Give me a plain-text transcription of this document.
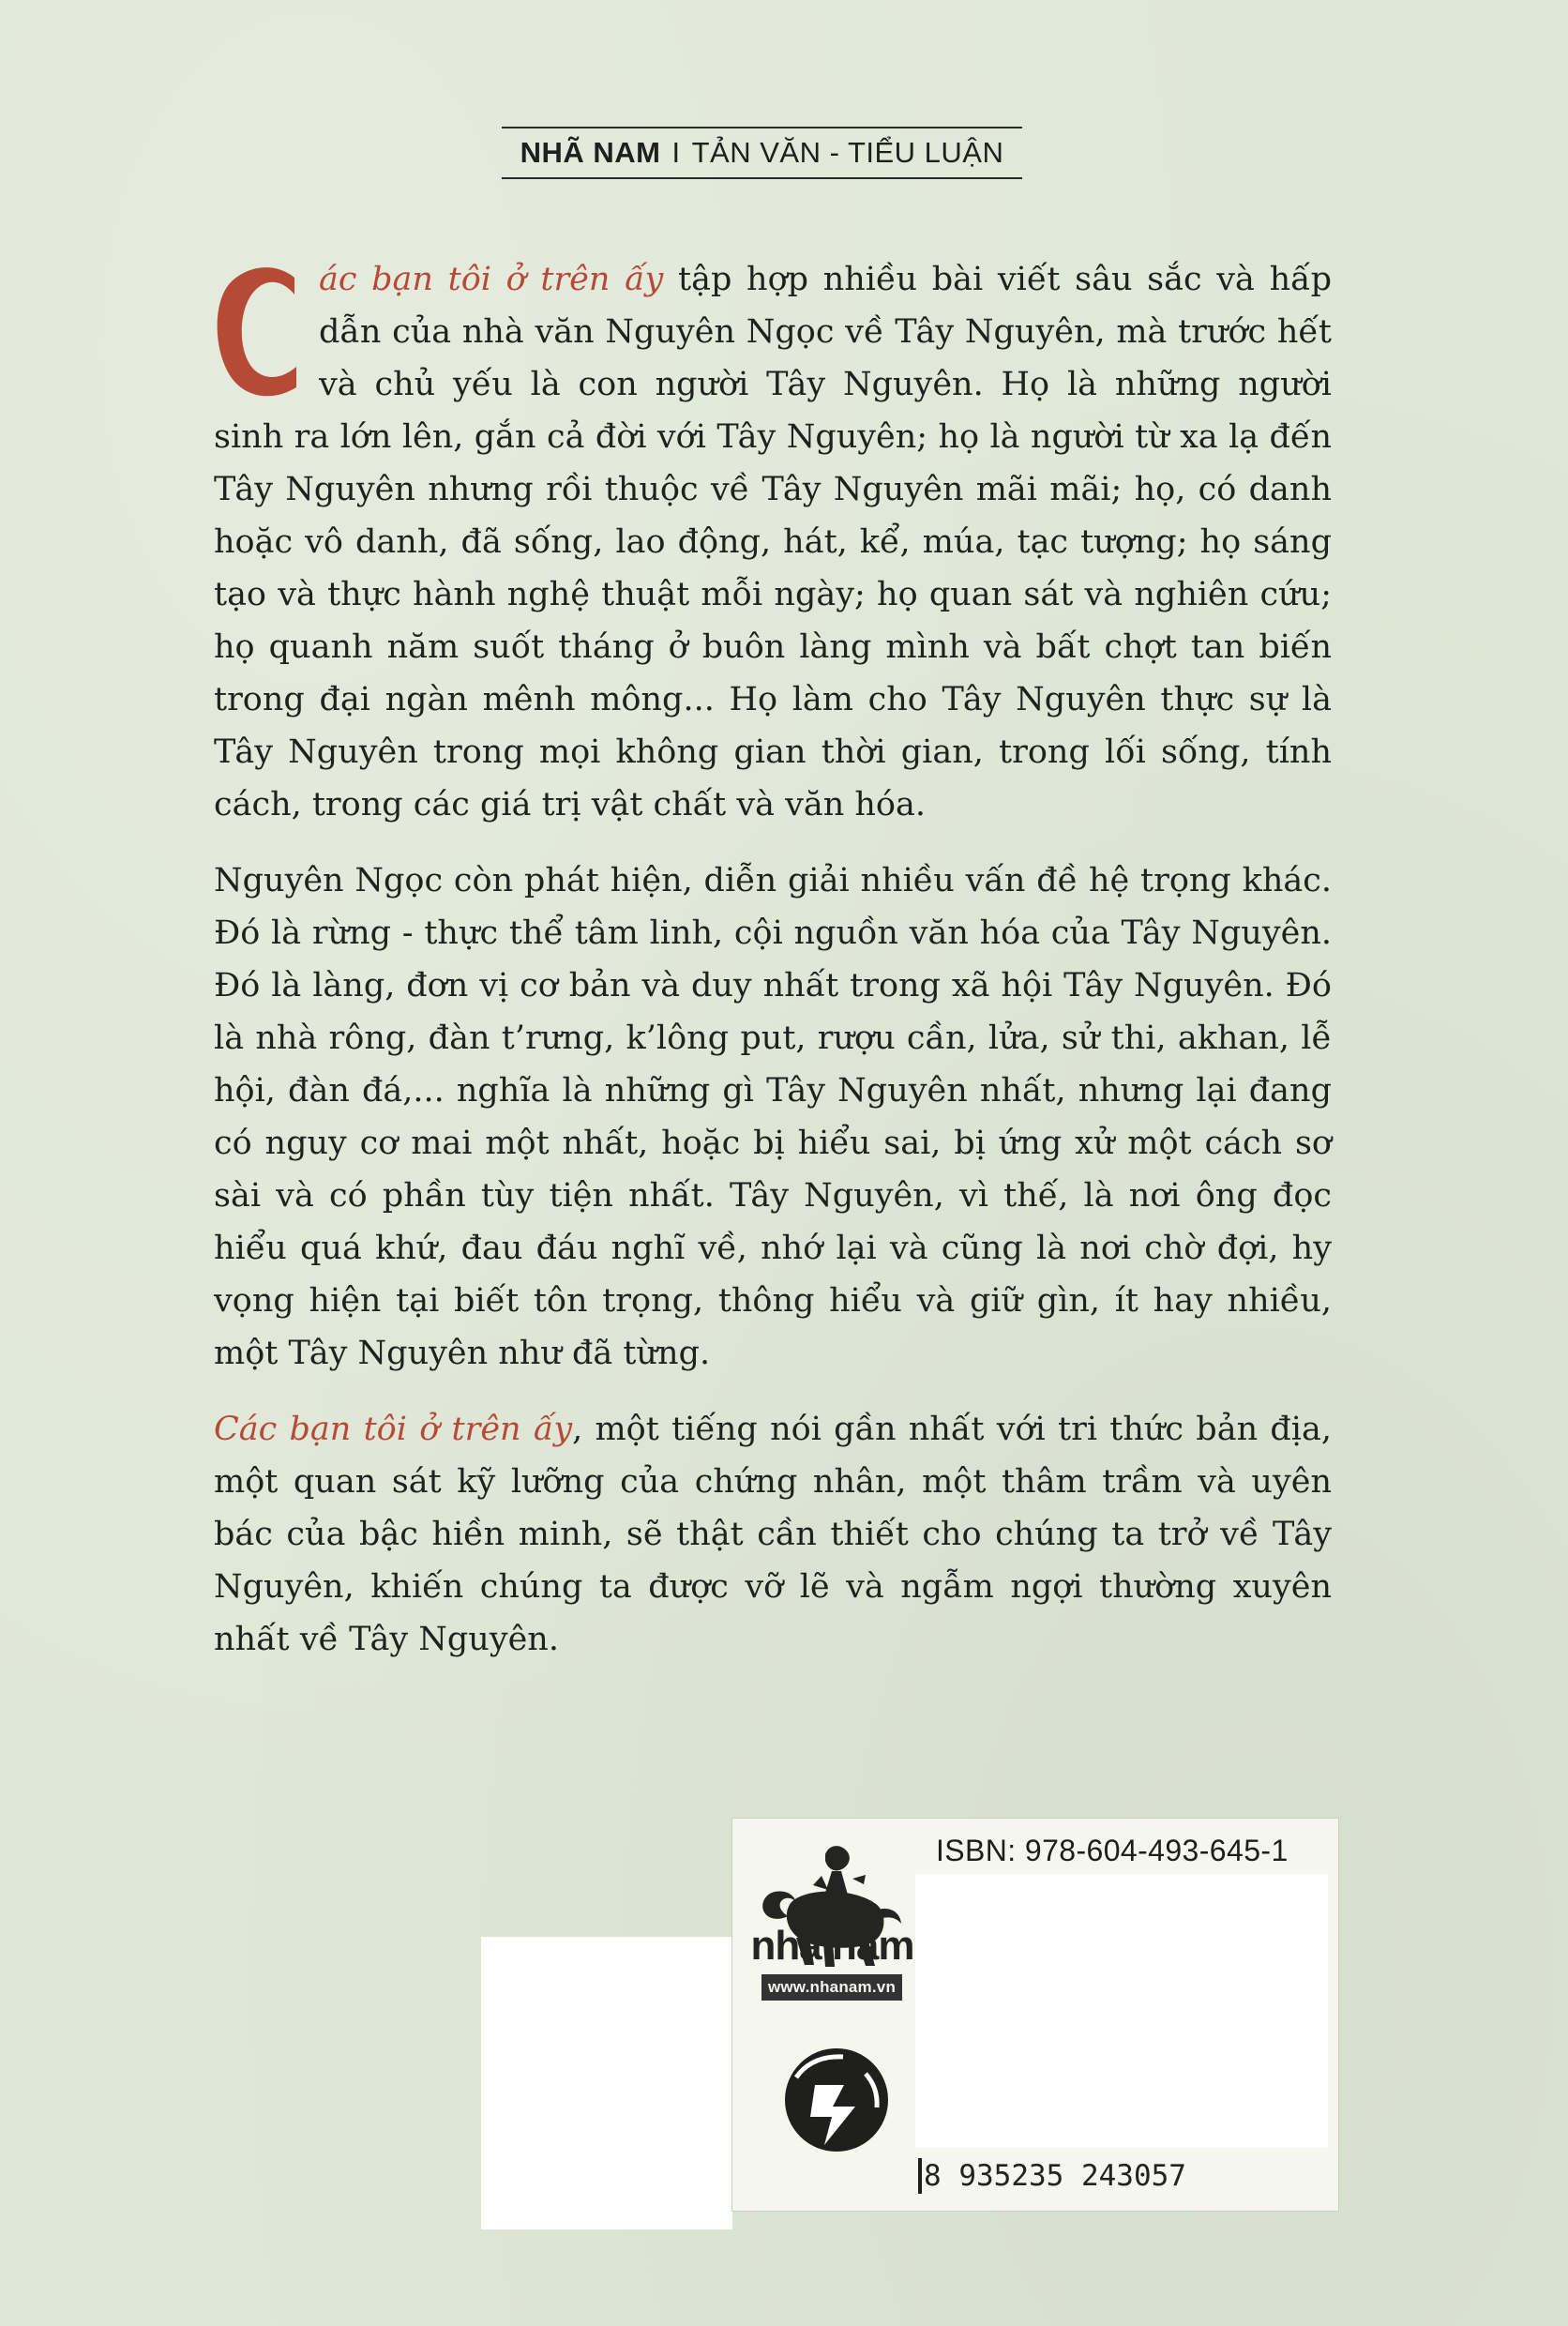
NHÃ NAM I TẢN VĂN - TIỂU LUẬN

ác bạn tôi ở trên ấy tập hợp nhiều bài viết sâu sắc và hấp dẫn của nhà văn Nguyên Ngọc về Tây Nguyên, mà trước hết và chủ yếu là con người Tây Nguyên. Họ là những người sinh ra lớn lên, gắn cả đời với Tây Nguyên; họ là người từ xa lạ đến Tây Nguyên nhưng rồi thuộc về Tây Nguyên mãi mãi; họ, có danh hoặc vô danh, đã sống, lao động, hát, kể, múa, tạc tượng; họ sáng tạo và thực hành nghệ thuật mỗi ngày; họ quan sát và nghiên cứu; họ quanh năm suốt tháng ở buôn làng mình và bất chợt tan biến trong đại ngàn mênh mông... Họ làm cho Tây Nguyên thực sự là Tây Nguyên trong mọi không gian thời gian, trong lối sống, tính cách, trong các giá trị vật chất và văn hóa.

Nguyên Ngọc còn phát hiện, diễn giải nhiều vấn đề hệ trọng khác. Đó là rừng - thực thể tâm linh, cội nguồn văn hóa của Tây Nguyên. Đó là làng, đơn vị cơ bản và duy nhất trong xã hội Tây Nguyên. Đó là nhà rông, đàn t’rưng, k’lông put, rượu cần, lửa, sử thi, akhan, lễ hội, đàn đá,... nghĩa là những gì Tây Nguyên nhất, nhưng lại đang có nguy cơ mai một nhất, hoặc bị hiểu sai, bị ứng xử một cách sơ sài và có phần tùy tiện nhất. Tây Nguyên, vì thế, là nơi ông đọc hiểu quá khứ, đau đáu nghĩ về, nhớ lại và cũng là nơi chờ đợi, hy vọng hiện tại biết tôn trọng, thông hiểu và giữ gìn, ít hay nhiều, một Tây Nguyên như đã từng.

Các bạn tôi ở trên ấy, một tiếng nói gần nhất với tri thức bản địa, một quan sát kỹ lưỡng của chứng nhân, một thâm trầm và uyên bác của bậc hiền minh, sẽ thật cần thiết cho chúng ta trở về Tây Nguyên, khiến chúng ta được vỡ lẽ và ngẫm ngợi thường xuyên nhất về Tây Nguyên.

ISBN: 978-604-493-645-1
8 935235 243057
nhã nam
www.nhanam.vn
